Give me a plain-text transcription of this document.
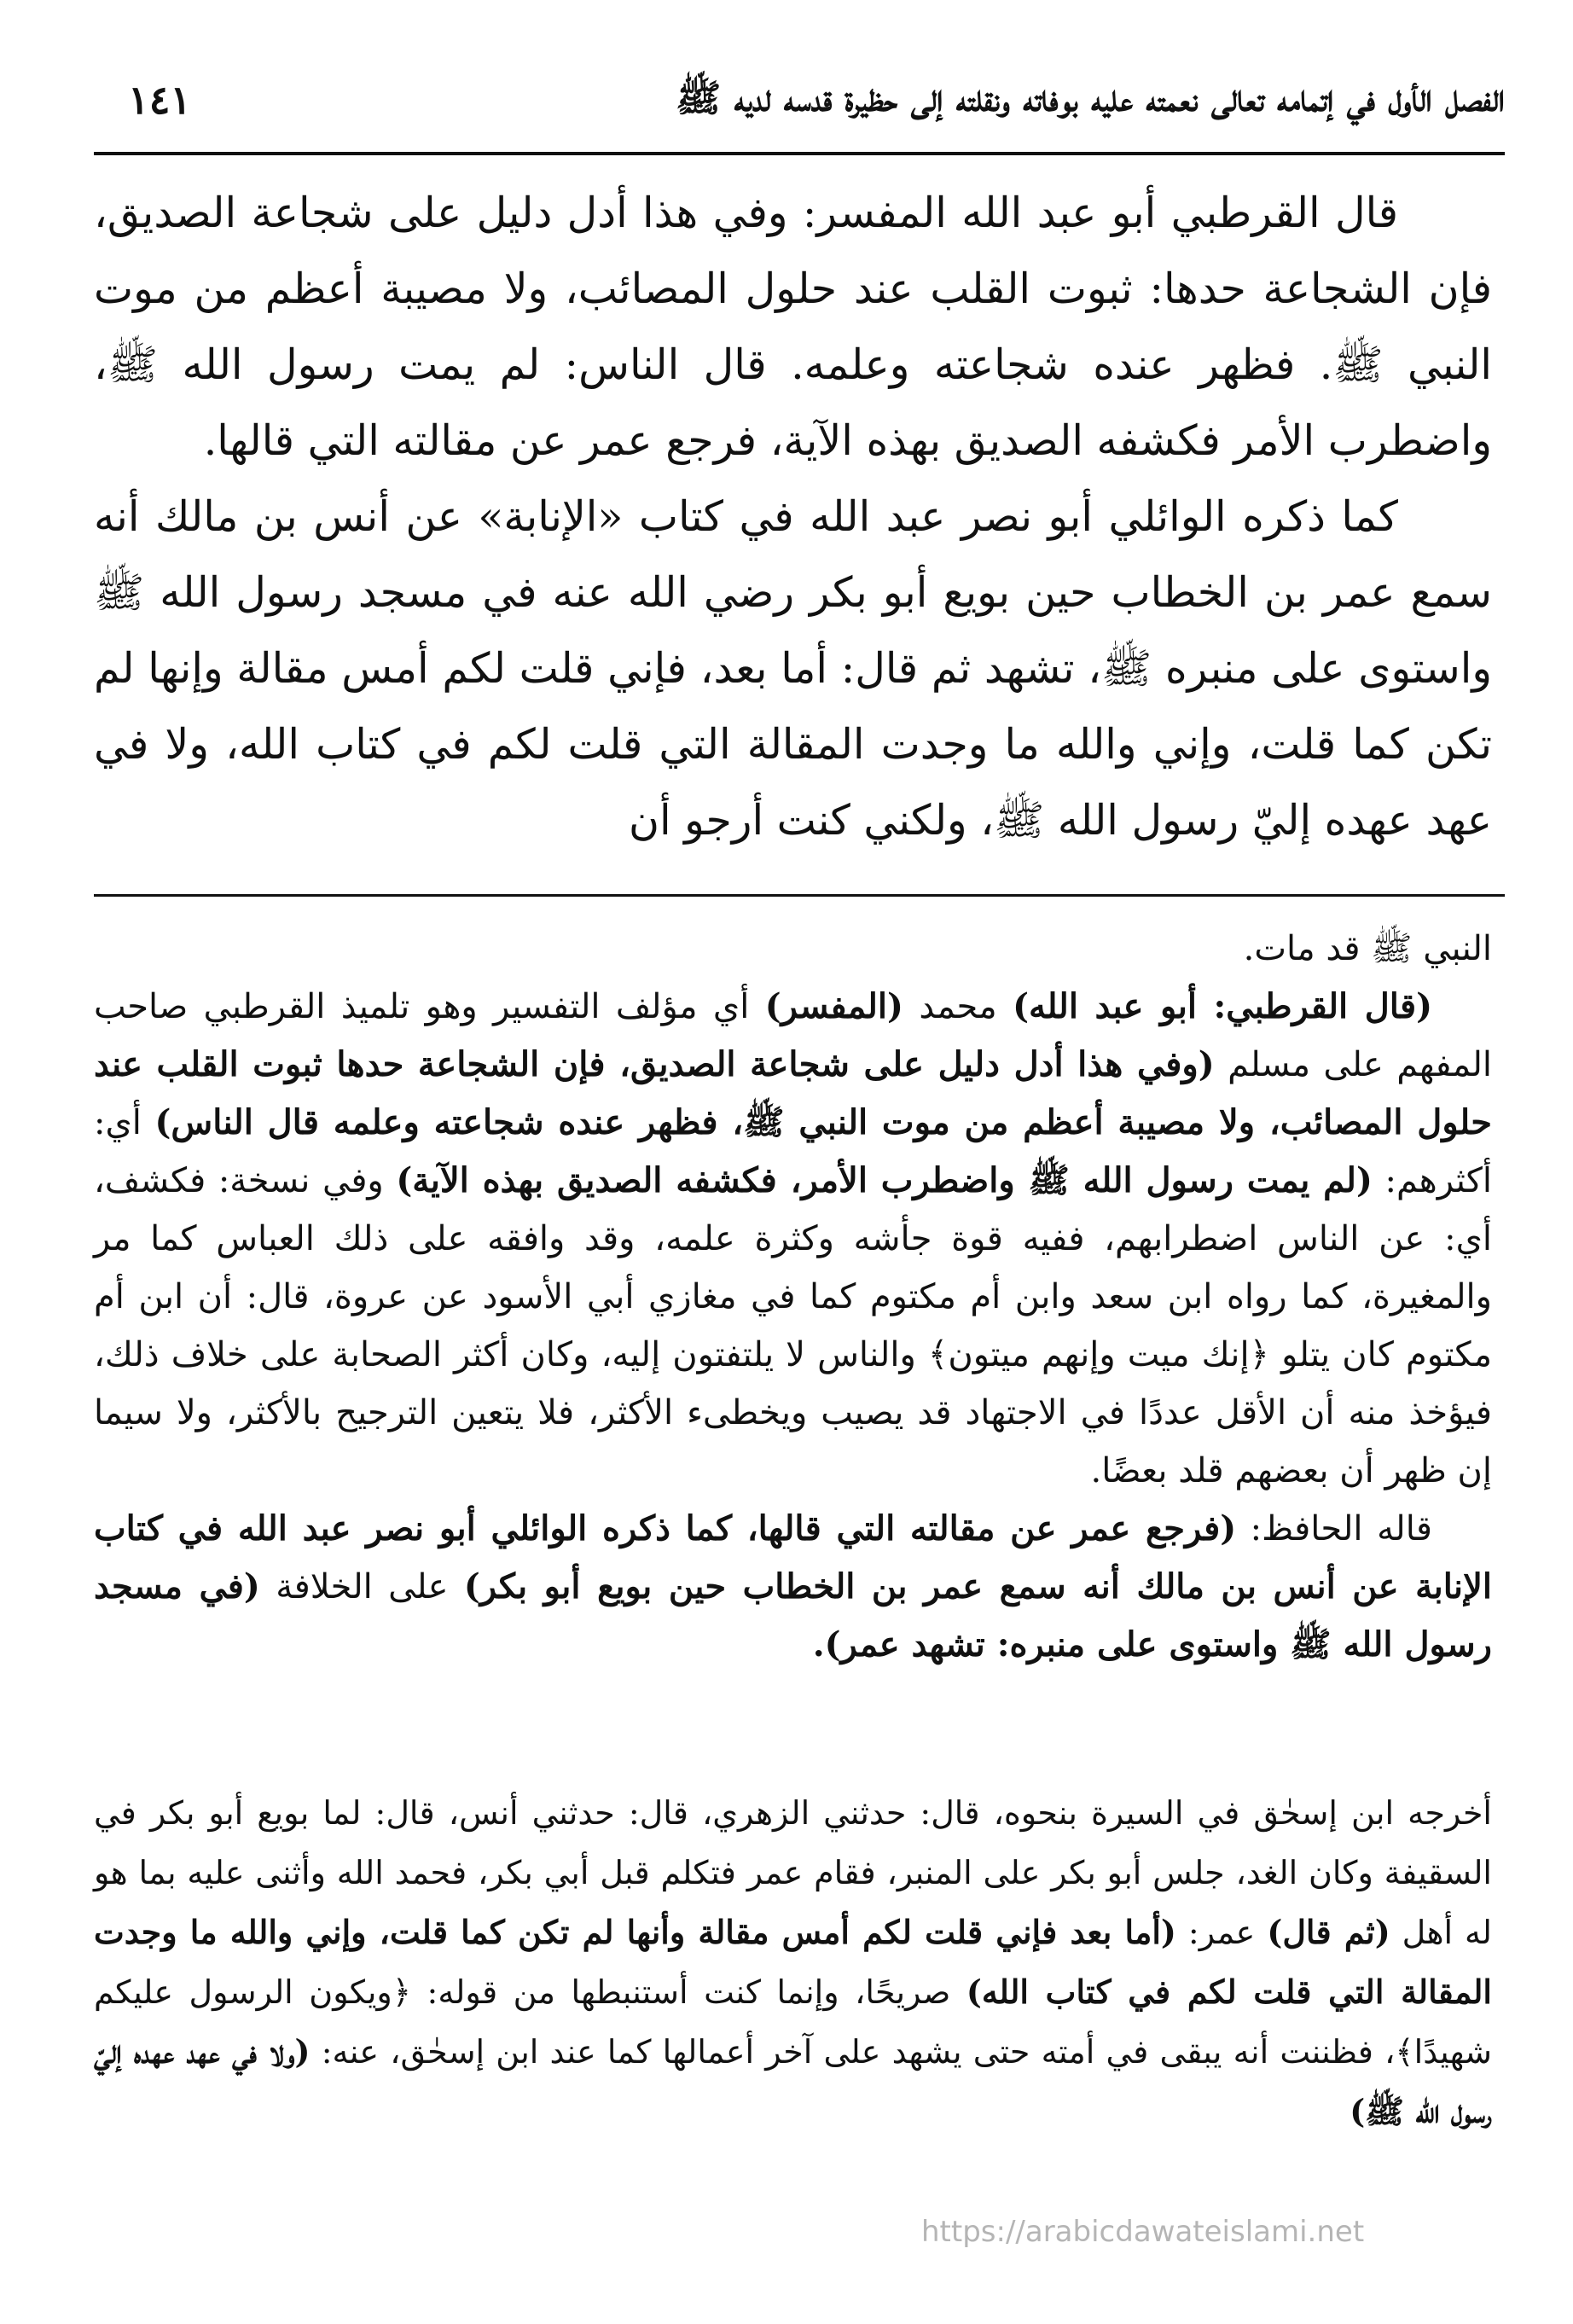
الفصل الأول في إتمامه تعالى نعمته عليه بوفاته ونقلته إلى حظيرة قدسه لديه ﷺ
١٤١

قال القرطبي أبو عبد الله المفسر: وفي هذا أدل دليل على شجاعة الصديق، فإن الشجاعة حدها: ثبوت القلب عند حلول المصائب، ولا مصيبة أعظم من موت النبي ﷺ. فظهر عنده شجاعته وعلمه. قال الناس: لم يمت رسول الله ﷺ، واضطرب الأمر فكشفه الصديق بهذه الآية، فرجع عمر عن مقالته التي قالها.

كما ذكره الوائلي أبو نصر عبد الله في كتاب «الإنابة» عن أنس بن مالك أنه سمع عمر بن الخطاب حين بويع أبو بكر رضي الله عنه في مسجد رسول الله ﷺ واستوى على منبره ﷺ، تشهد ثم قال: أما بعد، فإني قلت لكم أمس مقالة وإنها لم تكن كما قلت، وإني والله ما وجدت المقالة التي قلت لكم في كتاب الله، ولا في عهد عهده إليّ رسول الله ﷺ، ولكني كنت أرجو أن

النبي ﷺ قد مات.

(قال القرطبي: أبو عبد الله) محمد (المفسر) أي مؤلف التفسير وهو تلميذ القرطبي صاحب المفهم على مسلم (وفي هذا أدل دليل على شجاعة الصديق، فإن الشجاعة حدها ثبوت القلب عند حلول المصائب، ولا مصيبة أعظم من موت النبي ﷺ، فظهر عنده شجاعته وعلمه قال الناس) أي: أكثرهم: (لم يمت رسول الله ﷺ واضطرب الأمر، فكشفه الصديق بهذه الآية) وفي نسخة: فكشف، أي: عن الناس اضطرابهم، ففيه قوة جأشه وكثرة علمه، وقد وافقه على ذلك العباس كما مر والمغيرة، كما رواه ابن سعد وابن أم مكتوم كما في مغازي أبي الأسود عن عروة، قال: أن ابن أم مكتوم كان يتلو ﴿إنك ميت وإنهم ميتون﴾ والناس لا يلتفتون إليه، وكان أكثر الصحابة على خلاف ذلك، فيؤخذ منه أن الأقل عددًا في الاجتهاد قد يصيب ويخطىء الأكثر، فلا يتعين الترجيح بالأكثر، ولا سيما إن ظهر أن بعضهم قلد بعضًا.

قاله الحافظ: (فرجع عمر عن مقالته التي قالها، كما ذكره الوائلي أبو نصر عبد الله في كتاب الإنابة عن أنس بن مالك أنه سمع عمر بن الخطاب حين بويع أبو بكر) على الخلافة (في مسجد رسول الله ﷺ واستوى على منبره: تشهد عمر).

أخرجه ابن إسحٰق في السيرة بنحوه، قال: حدثني الزهري، قال: حدثني أنس، قال: لما بويع أبو بكر في السقيفة وكان الغد، جلس أبو بكر على المنبر، فقام عمر فتكلم قبل أبي بكر، فحمد الله وأثنى عليه بما هو له أهل (ثم قال) عمر: (أما بعد فإني قلت لكم أمس مقالة وأنها لم تكن كما قلت، وإني والله ما وجدت المقالة التي قلت لكم في كتاب الله) صريحًا، وإنما كنت أستنبطها من قوله: ﴿ويكون الرسول عليكم شهيدًا﴾، فظننت أنه يبقى في أمته حتى يشهد على آخر أعمالها كما عند ابن إسحٰق، عنه: (ولا في عهد عهده إليّ رسول الله ﷺ)

https://arabicdawateislami.net
